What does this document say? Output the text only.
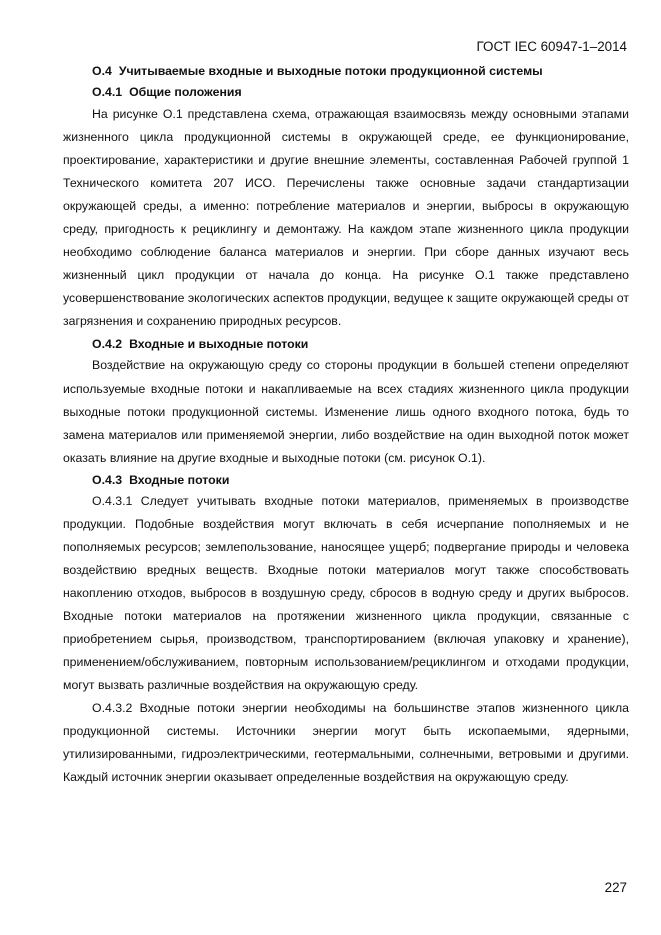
ГОСТ IEC 60947-1–2014
О.4 Учитываемые входные и выходные потоки продукционной системы
О.4.1 Общие положения

На рисунке О.1 представлена схема, отражающая взаимосвязь между основными этапами жизненного цикла продукционной системы в окружающей среде, ее функционирование, проектирование, характеристики и другие внешние элементы, составленная Рабочей группой 1 Технического комитета 207 ИСО. Перечислены также основные задачи стандартизации окружающей среды, а именно: потребление материалов и энергии, выбросы в окружающую среду, пригодность к рециклингу и демонтажу. На каждом этапе жизненного цикла продукции необходимо соблюдение баланса материалов и энергии. При сборе данных изучают весь жизненный цикл продукции от начала до конца. На рисунке О.1 также представлено усовершенствование экологических аспектов продукции, ведущее к защите окружающей среды от загрязнения и сохранению природных ресурсов.

О.4.2 Входные и выходные потоки

Воздействие на окружающую среду со стороны продукции в большей степени определяют используемые входные потоки и накапливаемые на всех стадиях жизненного цикла продукции выходные потоки продукционной системы. Изменение лишь одного входного потока, будь то замена материалов или применяемой энергии, либо воздействие на один выходной поток может оказать влияние на другие входные и выходные потоки (см. рисунок О.1).

О.4.3 Входные потоки

О.4.3.1 Следует учитывать входные потоки материалов, применяемых в производстве продукции. Подобные воздействия могут включать в себя исчерпание пополняемых и не пополняемых ресурсов; землепользование, наносящее ущерб; подвергание природы и человека воздействию вредных веществ. Входные потоки материалов могут также способствовать накоплению отходов, выбросов в воздушную среду, сбросов в водную среду и других выбросов. Входные потоки материалов на протяжении жизненного цикла продукции, связанные с приобретением сырья, производством, транспортированием (включая упаковку и хранение), применением/обслуживанием, повторным использованием/рециклингом и отходами продукции, могут вызвать различные воздействия на окружающую среду.

О.4.3.2 Входные потоки энергии необходимы на большинстве этапов жизненного цикла продукционной системы. Источники энергии могут быть ископаемыми, ядерными, утилизированными, гидроэлектрическими, геотермальными, солнечными, ветровыми и другими. Каждый источник энергии оказывает определенные воздействия на окружающую среду.

227
